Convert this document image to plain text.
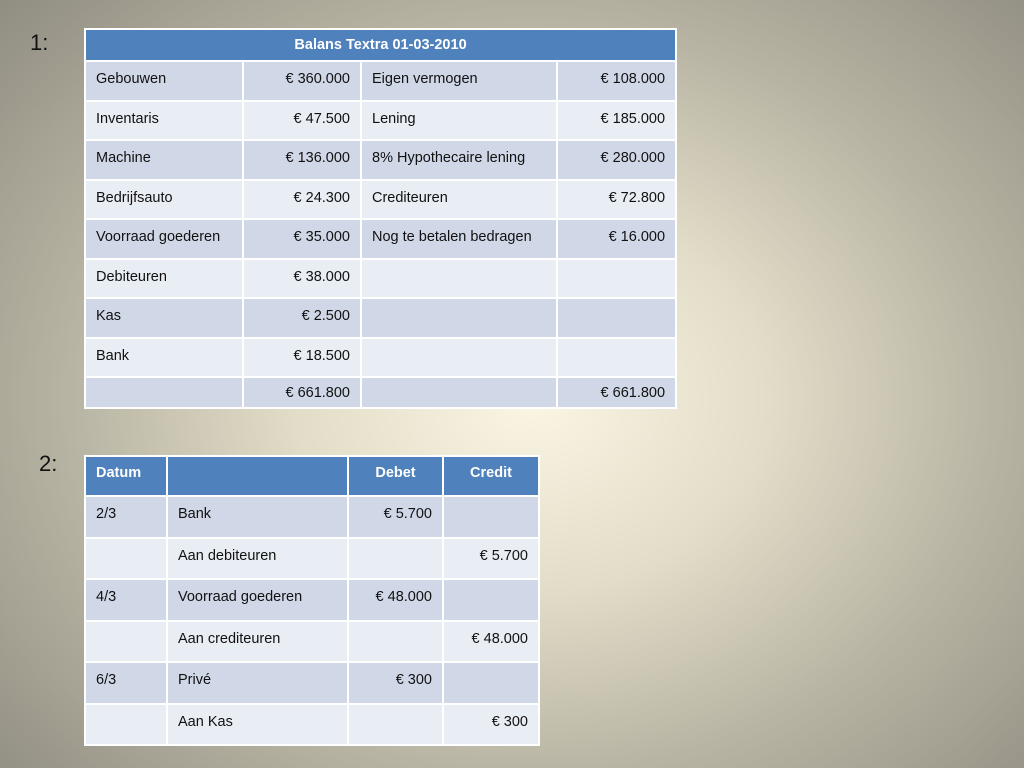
1:	Balans Textra 01-03-2010			
Gebouwen	€ 360.000	Eigen vermogen	€ 108.000
Inventaris	€ 47.500	Lening	€ 185.000
Machine	€ 136.000	8% Hypothecaire lening	€ 280.000
Bedrijfsauto	€ 24.300	Crediteuren	€ 72.800
Voorraad goederen	€ 35.000	Nog te betalen bedragen	€ 16.000
Debiteuren	€ 38.000		
Kas	€ 2.500		
Bank	€ 18.500		
	€ 661.800		€ 661.800
2:	Datum		Debet	Credit
2/3	Bank	€ 5.700	
	Aan debiteuren		€ 5.700
4/3	Voorraad goederen	€ 48.000	
	Aan crediteuren		€ 48.000
6/3	Privé	€ 300	
	Aan Kas		€ 300
